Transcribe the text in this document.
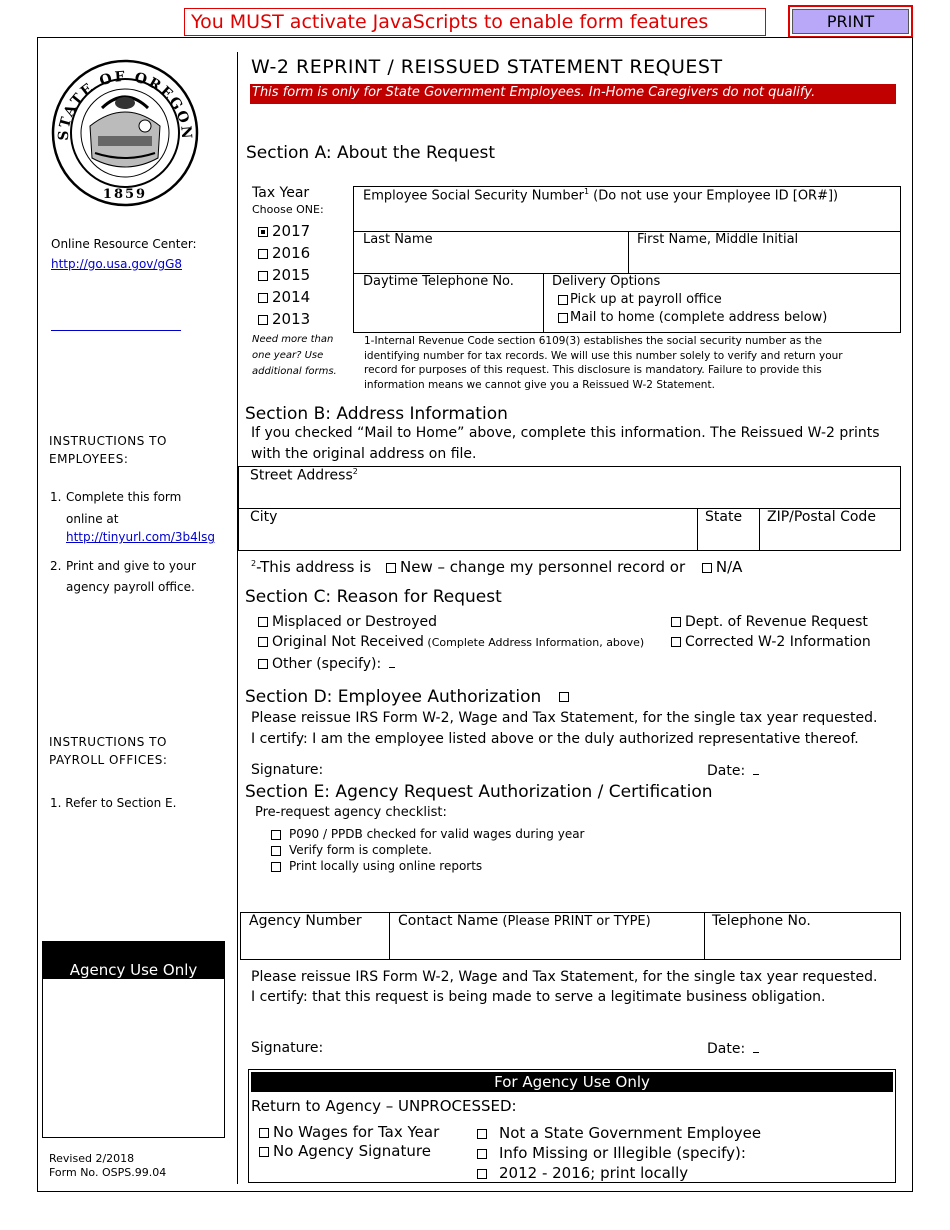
You MUST activate JavaScripts to enable form features	PRINT
1859
STATE OF OREGON
Online Resource Center:
http://go.usa.gov/gG8
INSTRUCTIONS TO
EMPLOYEES:
1. Complete this form
online at
http://tinyurl.com/3b4lsg
2. Print and give to your
agency payroll office.
INSTRUCTIONS TO
PAYROLL OFFICES:
1. Refer to Section E.
Agency Use Only
Revised 2/2018
Form No. OSPS.99.04
W-2 REPRINT / REISSUED STATEMENT REQUEST
This form is only for State Government Employees. In-Home Caregivers do not qualify.
Section A: About the Request
Tax Year
Choose ONE:
2017
2016
2015
2014
2013
Need more than
one year? Use
additional forms.
Employee Social Security Number$^1$ (Do not use your Employee ID [OR#])
Last Name	First Name, Middle Initial
Daytime Telephone No.	Delivery Options
Pick up at payroll office
Mail to home (complete address below)
1-Internal Revenue Code section 6109(3) establishes the social security number as the
identifying number for tax records. We will use this number solely to verify and return your
record for purposes of this request. This disclosure is mandatory. Failure to provide this
information means we cannot give you a Reissued W-2 Statement.
Section B: Address Information
If you checked “Mail to Home” above, complete this information. The Reissued W-2 prints
with the original address on file.
Street Address$^2$
City	State ZIP/Postal Code
$^2$-This address is New – change my personnel record or N/A
Section C: Reason for Request
Misplaced or Destroyed
Original Not Received (Complete Address Information, above)
Other (specify):
Dept. of Revenue Request
Corrected W-2 Information
Section D: Employee Authorization
Please reissue IRS Form W-2, Wage and Tax Statement, for the single tax year requested.
I certify: I am the employee listed above or the duly authorized representative thereof.
Signature:	Date:
Section E: Agency Request Authorization / Certification
Pre-request agency checklist:
P090 / PPDB checked for valid wages during year
Verify form is complete.
Print locally using online reports
Agency Number	Contact Name (Please PRINT or TYPE)	Telephone No.
Please reissue IRS Form W-2, Wage and Tax Statement, for the single tax year requested.
I certify: that this request is being made to serve a legitimate business obligation.
Signature:	Date:
For Agency Use Only
Return to Agency – UNPROCESSED:
No Wages for Tax Year
No Agency Signature
Not a State Government Employee
Info Missing or Illegible (specify):
2012 - 2016; print locally
